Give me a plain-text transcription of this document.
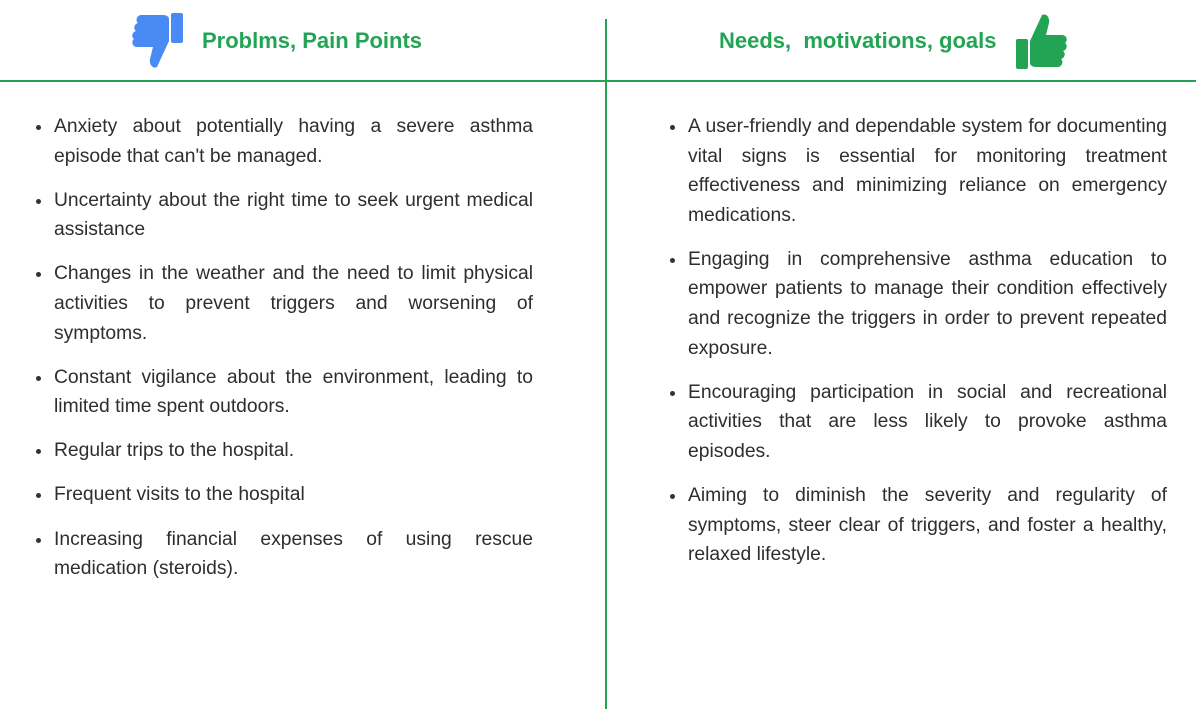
Problms, Pain Points	Needs,  motivations, goals
Anxiety about potentially having a severe asthma episode that can't be managed.
Uncertainty about the right time to seek urgent medical assistance
Changes in the weather and the need to limit physical activities to prevent triggers and worsening of symptoms.
Constant vigilance about the environment, leading to limited time spent outdoors.
Regular trips to the hospital.
Frequent visits to the hospital
Increasing financial expenses of using rescue medication (steroids).
A user-friendly and dependable system for documenting vital signs is essential for monitoring treatment effectiveness and minimizing reliance on emergency medications.
Engaging in comprehensive asthma education to empower patients to manage their condition effectively and recognize the triggers in order to prevent repeated exposure.
Encouraging participation in social and recreational activities that are less likely to provoke asthma episodes.
Aiming to diminish the severity and regularity of symptoms, steer clear of triggers, and foster a healthy, relaxed lifestyle.
